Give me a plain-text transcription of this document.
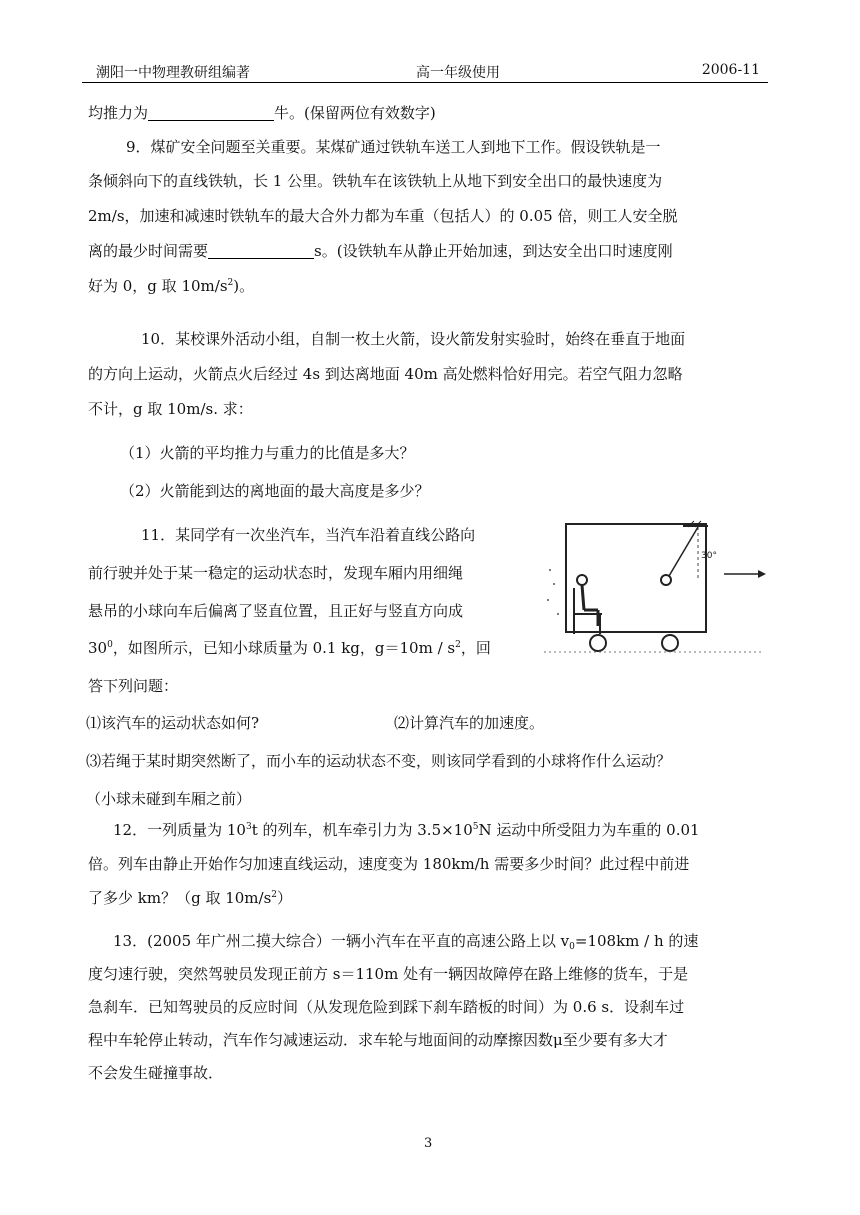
潮阳一中物理教研组编著	高一年级使用	2006-11
均推力为	牛。(保留两位有效数字)
9．煤矿安全问题至关重要。某煤矿通过铁轨车送工人到地下工作。假设铁轨是一
条倾斜向下的直线铁轨，长 1 公里。铁轨车在该铁轨上从地下到安全出口的最快速度为
2m/s，加速和减速时铁轨车的最大合外力都为车重（包括人）的 0.05 倍，则工人安全脱
离的最少时间需要	s。(设铁轨车从静止开始加速，到达安全出口时速度刚
好为 0，g 取 $10m/s^2$)。
10．某校课外活动小组，自制一枚土火箭，设火箭发射实验时，始终在垂直于地面
的方向上运动，火箭点火后经过 4s 到达离地面 40m 高处燃料恰好用完。若空气阻力忽略
不计，g 取 10m/s. 求：
（1）火箭的平均推力与重力的比值是多大？
（2）火箭能到达的离地面的最大高度是多少？
11．某同学有一次坐汽车，当汽车沿着直线公路向
前行驶并处于某一稳定的运动状态时，发现车厢内用细绳
悬吊的小球向车后偏离了竖直位置，且正好与竖直方向成
$30^0$，如图所示，已知小球质量为 0.1 kg，$g=10m / s^2$，回
答下列问题：
30°
⑴该汽车的运动状态如何?	⑵计算汽车的加速度。
⑶若绳于某时期突然断了，而小车的运动状态不变，则该同学看到的小球将作什么运动？
（小球未碰到车厢之前）
12．一列质量为 $10^3t$ 的列车，机车牵引力为 $3.5\times 10^5N$ 运动中所受阻力为车重的 0.01
倍。列车由静止开始作匀加速直线运动，速度变为 180km/h 需要多少时间？此过程中前进
了多少 km？（g 取 $10m/s^2$）
13．(2005 年广州二摸大综合）一辆小汽车在平直的高速公路上以 $v_0=108km / h$ 的速
度匀速行驶，突然驾驶员发现正前方 s＝110m 处有一辆因故障停在路上维修的货车，于是
急刹车．已知驾驶员的反应时间（从发现危险到踩下刹车踏板的时间）为 0.6 s．设刹车过
程中车轮停止转动，汽车作匀减速运动．求车轮与地面间的动摩擦因数μ至少要有多大才
不会发生碰撞事故．
3
